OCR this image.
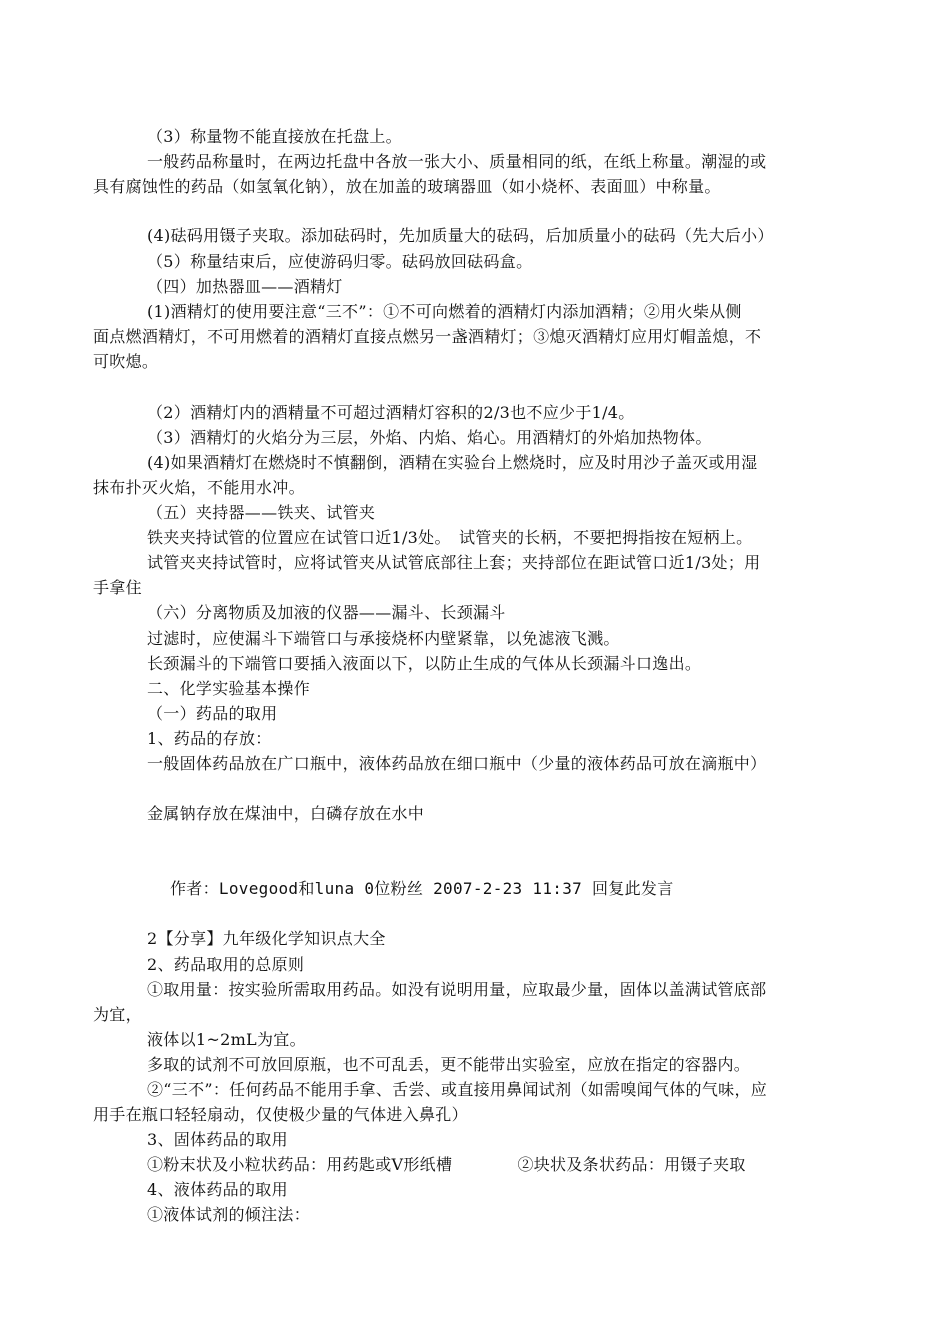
（3）称量物不能直接放在托盘上。
一般药品称量时，在两边托盘中各放一张大小、质量相同的纸，在纸上称量。潮湿的或
具有腐蚀性的药品（如氢氧化钠），放在加盖的玻璃器皿（如小烧杯、表面皿）中称量。
(4)砝码用镊子夹取。添加砝码时，先加质量大的砝码，后加质量小的砝码（先大后小）
（5）称量结束后，应使游码归零。砝码放回砝码盒。
（四）加热器皿——酒精灯
(1)酒精灯的使用要注意“三不”：①不可向燃着的酒精灯内添加酒精；②用火柴从侧
面点燃酒精灯，不可用燃着的酒精灯直接点燃另一盏酒精灯；③熄灭酒精灯应用灯帽盖熄，不
可吹熄。
（2）酒精灯内的酒精量不可超过酒精灯容积的2/3也不应少于1/4。
（3）酒精灯的火焰分为三层，外焰、内焰、焰心。用酒精灯的外焰加热物体。
(4)如果酒精灯在燃烧时不慎翻倒，酒精在实验台上燃烧时，应及时用沙子盖灭或用湿
抹布扑灭火焰，不能用水冲。
（五）夹持器——铁夹、试管夹
铁夹夹持试管的位置应在试管口近1/3处。　试管夹的长柄，不要把拇指按在短柄上。
试管夹夹持试管时，应将试管夹从试管底部往上套；夹持部位在距试管口近1/3处；用
手拿住
（六）分离物质及加液的仪器——漏斗、长颈漏斗
过滤时，应使漏斗下端管口与承接烧杯内壁紧靠，以免滤液飞溅。
长颈漏斗的下端管口要插入液面以下，以防止生成的气体从长颈漏斗口逸出。
二、化学实验基本操作
（一）药品的取用
1、药品的存放：
一般固体药品放在广口瓶中，液体药品放在细口瓶中（少量的液体药品可放在滴瓶中）
金属钠存放在煤油中，白磷存放在水中
作者：Lovegood和luna 0位粉丝 2007-2-23 11:37 回复此发言
2【分享】九年级化学知识点大全
2、药品取用的总原则
①取用量：按实验所需取用药品。如没有说明用量，应取最少量，固体以盖满试管底部
为宜，
液体以1~2mL为宜。
多取的试剂不可放回原瓶，也不可乱丢，更不能带出实验室，应放在指定的容器内。
②“三不”：任何药品不能用手拿、舌尝、或直接用鼻闻试剂（如需嗅闻气体的气味，应
用手在瓶口轻轻扇动，仅使极少量的气体进入鼻孔）
3、固体药品的取用
①粉末状及小粒状药品：用药匙或V形纸槽　　　　②块状及条状药品：用镊子夹取
4、液体药品的取用
①液体试剂的倾注法：
